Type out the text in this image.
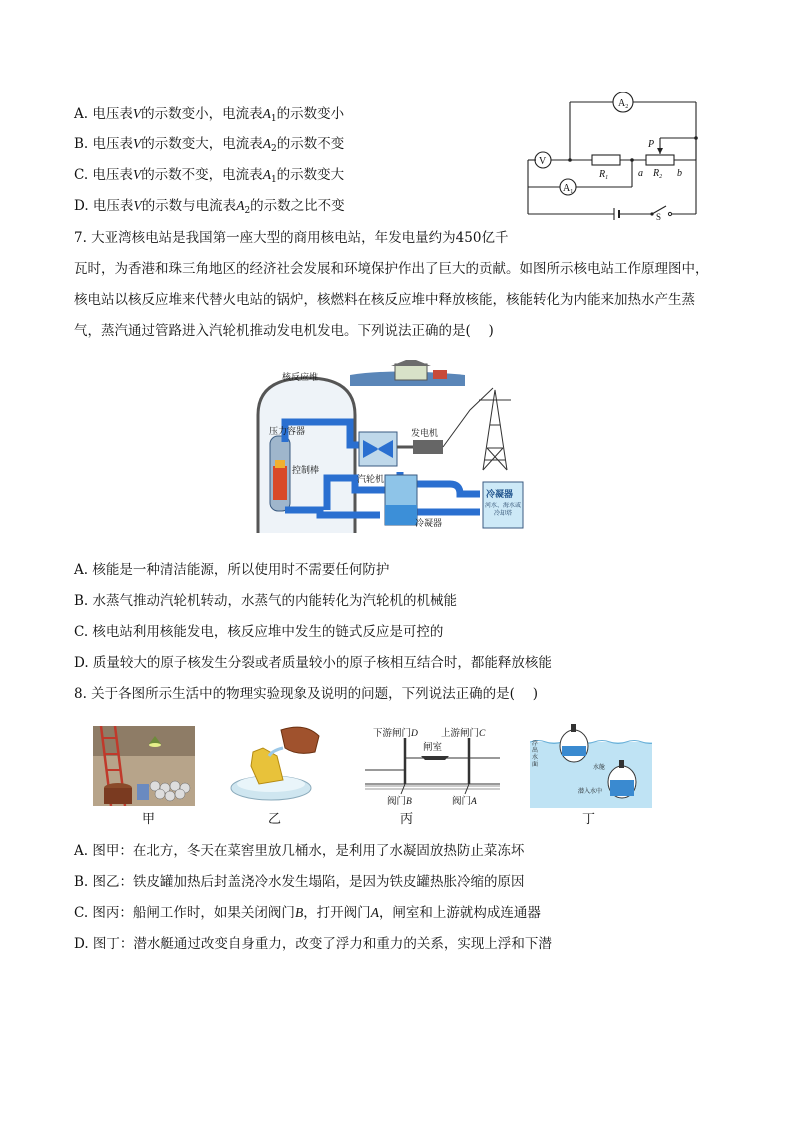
A. 电压表V的示数变小，电流表$A_1$的示数变小
B. 电压表V的示数变大，电流表$A_2$的示数不变
C. 电压表V的示数不变，电流表$A_1$的示数变大
D. 电压表V的示数与电流表$A_2$的示数之比不变
$A_2$
V
$A_1$
$R_1$	$R_2$
P
a	b
S
7. 大亚湾核电站是我国第一座大型的商用核电站，年发电量约为450亿千
瓦时，为香港和珠三角地区的经济社会发展和环境保护作出了巨大的贡献。如图所示核电站工作原理图中，
核电站以核反应堆来代替火电站的锅炉，核燃料在核反应堆中释放核能，核能转化为内能来加热水产生蒸
气，蒸汽通过管路进入汽轮机推动发电机发电。下列说法正确的是(　 )
核反应堆
压力容器
控制棒
发电机
汽轮机
冷凝器
冷凝器
河水、海水或冷却塔
A. 核能是一种清洁能源，所以使用时不需要任何防护
B. 水蒸气推动汽轮机转动，水蒸气的内能转化为汽轮机的机械能
C. 核电站利用核能发电，核反应堆中发生的链式反应是可控的
D. 质量较大的原子核发生分裂或者质量较小的原子核相互结合时，都能释放核能
8. 关于各图所示生活中的物理实验现象及说明的问题，下列说法正确的是(　 )
下游闸门D 上游闸门C
闸室
阀门B	阀门A
浮出水面	水舱
潜入水中
甲	乙	丙	丁
A. 图甲：在北方，冬天在菜窖里放几桶水，是利用了水凝固放热防止菜冻坏
B. 图乙：铁皮罐加热后封盖浇冷水发生塌陷，是因为铁皮罐热胀冷缩的原因
C. 图丙：船闸工作时，如果关闭阀门B，打开阀门A，闸室和上游就构成连通器
D. 图丁：潜水艇通过改变自身重力，改变了浮力和重力的关系，实现上浮和下潜
